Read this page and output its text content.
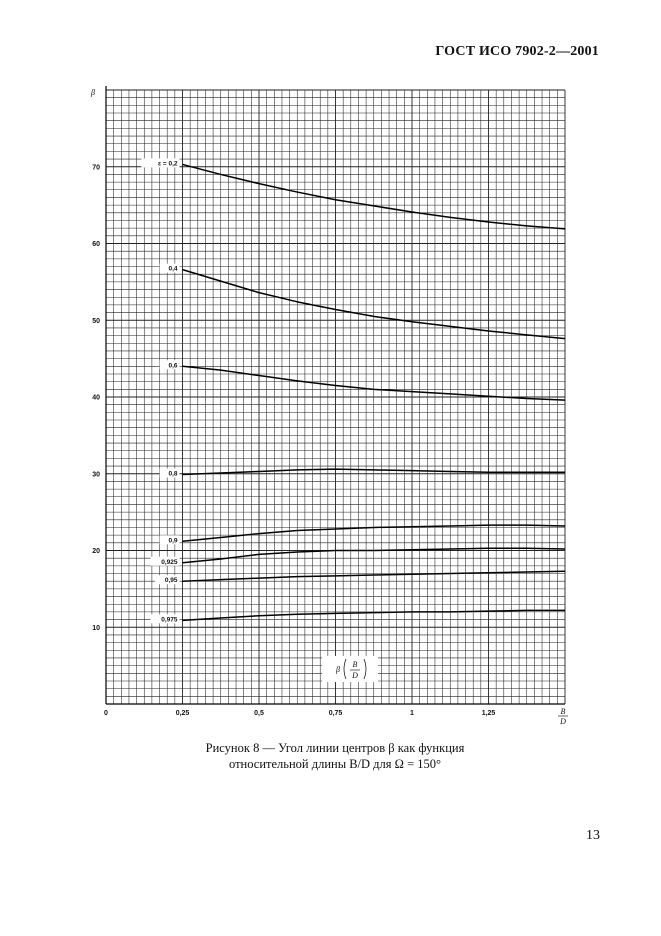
ГОСТ ИСО 7902-2—2001
β
B
D
0	0,25	0,5	0,75	1	1,25
10
20
30
40
50
60
70
ε = 0,2
0,4
0,6
0,8
0,9
0,925
0,95
0,975
β
B
D
Рисунок 8 — Угол линии центров β как функция
относительной длины B/D для Ω = 150°
13
